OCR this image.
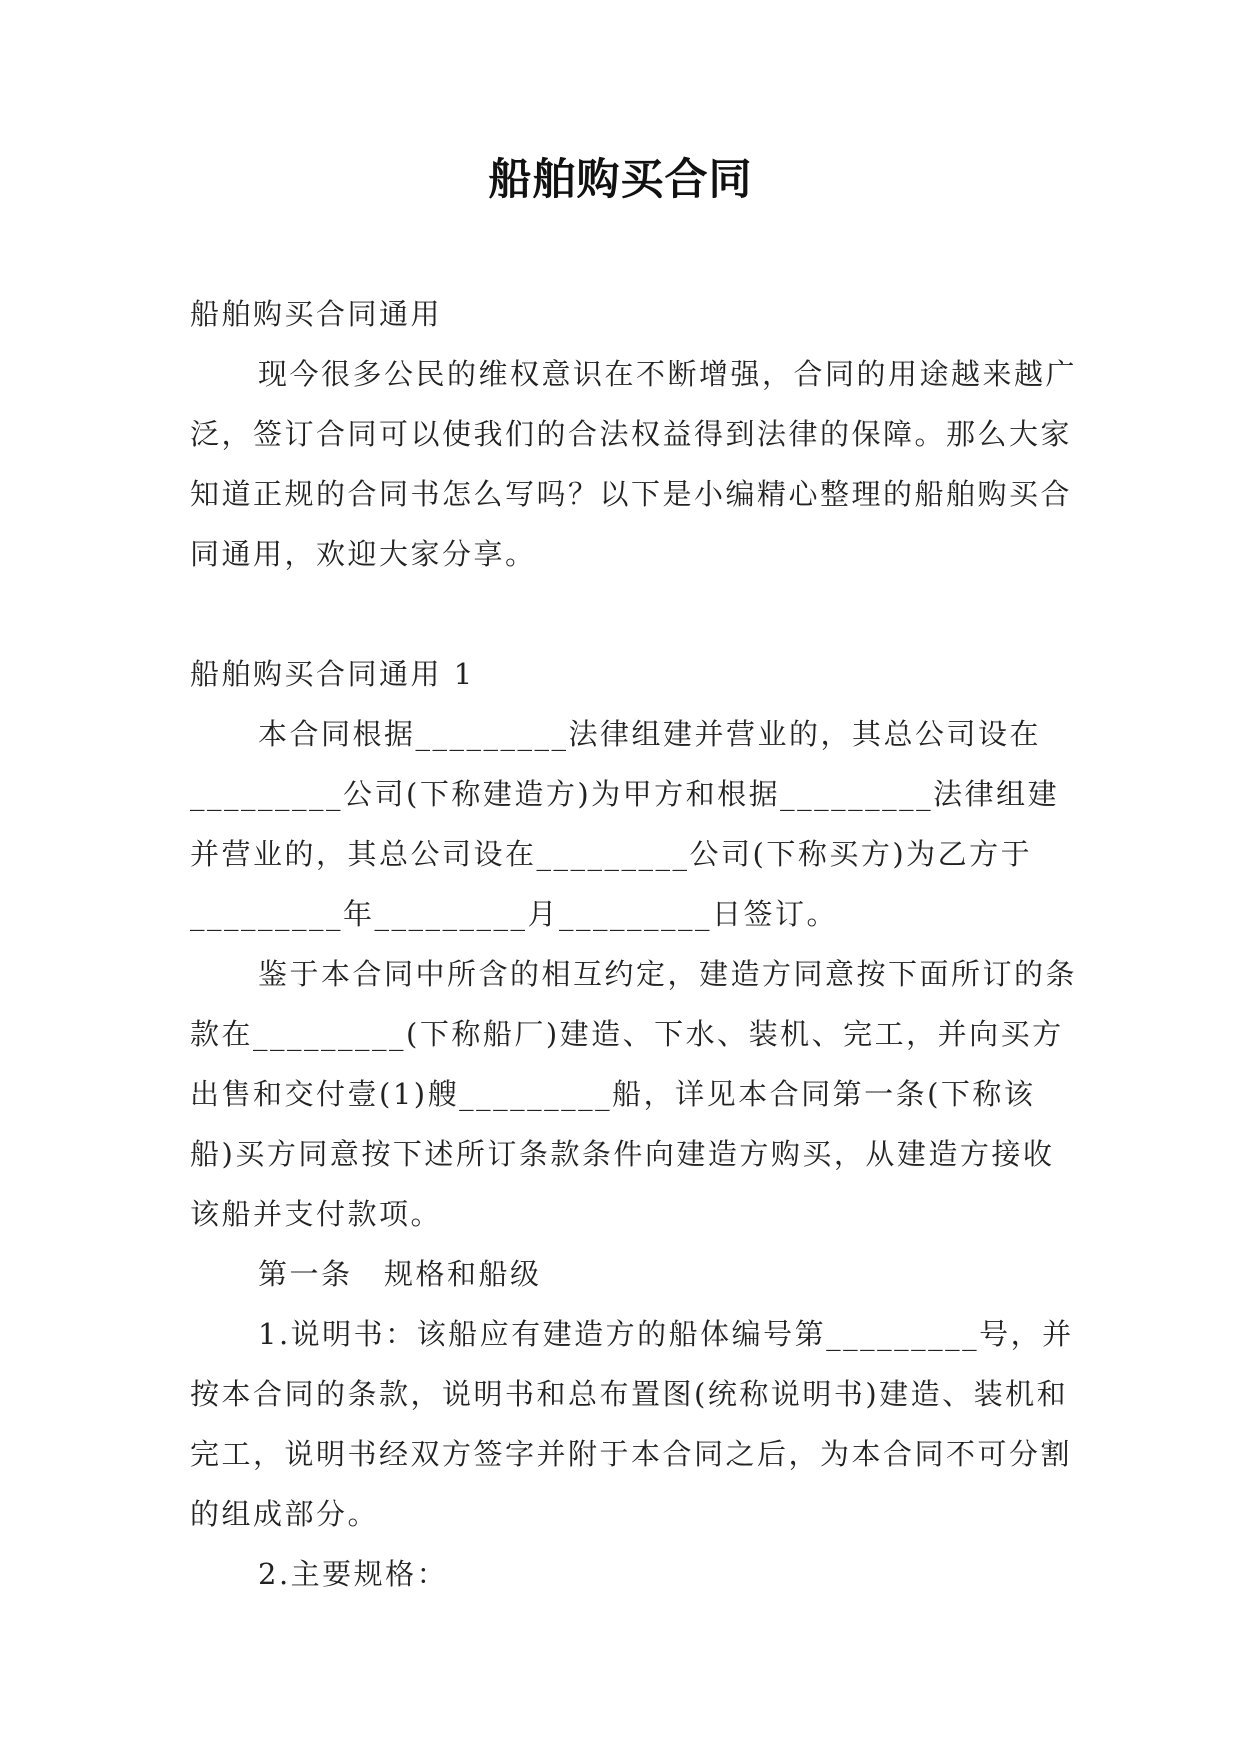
船舶购买合同

船舶购买合同通用

现今很多公民的维权意识在不断增强，合同的用途越来越广泛，签订合同可以使我们的合法权益得到法律的保障。那么大家知道正规的合同书怎么写吗？以下是小编精心整理的船舶购买合同通用，欢迎大家分享。

船舶购买合同通用 1

本合同根据_________法律组建并营业的，其总公司设在_________公司(下称建造方)为甲方和根据_________法律组建并营业的，其总公司设在_________公司(下称买方)为乙方于_________年_________月_________日签订。

鉴于本合同中所含的相互约定，建造方同意按下面所订的条款在_________(下称船厂)建造、下水、装机、完工，并向买方出售和交付壹(1)艘_________船，详见本合同第一条(下称该船)买方同意按下述所订条款条件向建造方购买，从建造方接收该船并支付款项。

第一条　规格和船级

1.说明书：该船应有建造方的船体编号第_________号，并按本合同的条款，说明书和总布置图(统称说明书)建造、装机和完工，说明书经双方签字并附于本合同之后，为本合同不可分割的组成部分。

2.主要规格：
